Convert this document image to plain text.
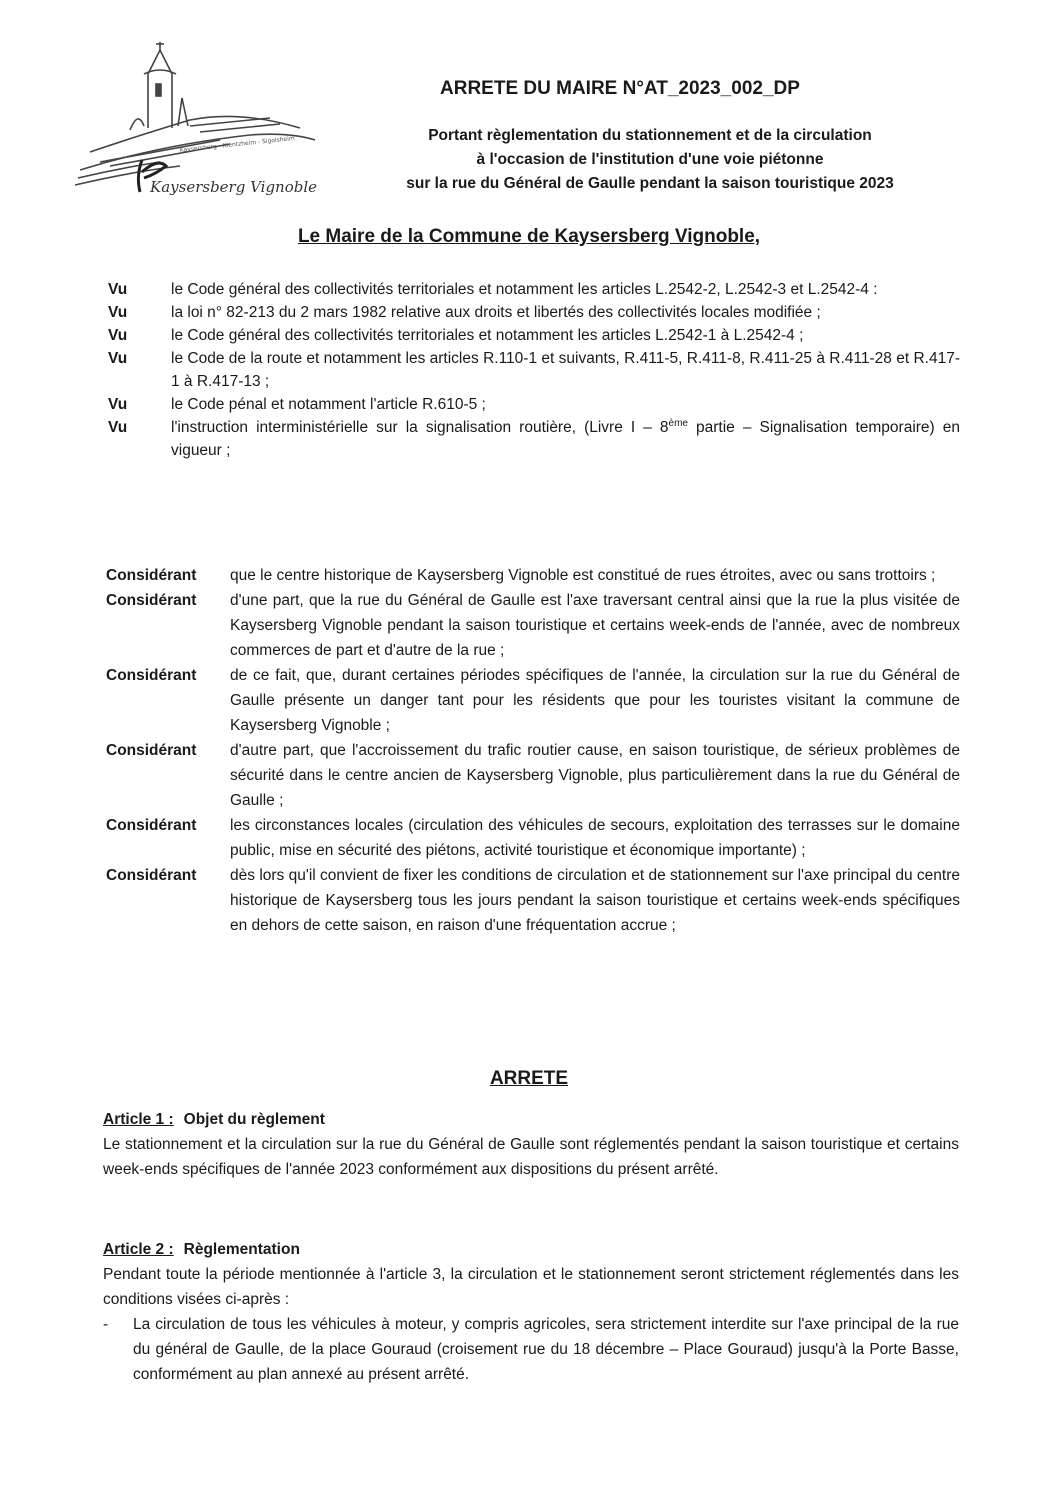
Kaysersberg - Kientzheim - Sigolsheim
Kaysersberg Vignoble
ARRETE DU MAIRE N°AT_2023_002_DP
Portant règlementation du stationnement et de la circulation
à l'occasion de l'institution d'une voie piétonne
sur la rue du Général de Gaulle pendant la saison touristique 2023
Le Maire de la Commune de Kaysersberg Vignoble,
Vu	le Code général des collectivités territoriales et notamment les articles L.2542-2, L.2542-3 et L.2542-4 :
Vu	la loi n° 82-213 du 2 mars 1982 relative aux droits et libertés des collectivités locales modifiée ;
Vu	le Code général des collectivités territoriales et notamment les articles L.2542-1 à L.2542-4 ;
Vu	le Code de la route et notamment les articles R.110-1 et suivants, R.411-5, R.411-8, R.411-25 à R.411-28 et R.417-1 à R.417-13 ;
Vu	le Code pénal et notamment l'article R.610-5 ;
Vu	l'instruction interministérielle sur la signalisation routière, (Livre I – 8ème partie – Signalisation temporaire) en vigueur ;
Considérant	que le centre historique de Kaysersberg Vignoble est constitué de rues étroites, avec ou sans trottoirs ;
Considérant	d'une part, que la rue du Général de Gaulle est l'axe traversant central ainsi que la rue la plus visitée de Kaysersberg Vignoble pendant la saison touristique et certains week-ends de l'année, avec de nombreux commerces de part et d'autre de la rue ;
Considérant	de ce fait, que, durant certaines périodes spécifiques de l'année, la circulation sur la rue du Général de Gaulle présente un danger tant pour les résidents que pour les touristes visitant la commune de Kaysersberg Vignoble ;
Considérant	d'autre part, que l'accroissement du trafic routier cause, en saison touristique, de sérieux problèmes de sécurité dans le centre ancien de Kaysersberg Vignoble, plus particulièrement dans la rue du Général de Gaulle ;
Considérant	les circonstances locales (circulation des véhicules de secours, exploitation des terrasses sur le domaine public, mise en sécurité des piétons, activité touristique et économique importante) ;
Considérant	dès lors qu'il convient de fixer les conditions de circulation et de stationnement sur l'axe principal du centre historique de Kaysersberg tous les jours pendant la saison touristique et certains week-ends spécifiques en dehors de cette saison, en raison d'une fréquentation accrue ;
ARRETE
Article 1 : Objet du règlement
Le stationnement et la circulation sur la rue du Général de Gaulle sont réglementés pendant la saison touristique et certains week-ends spécifiques de l'année 2023 conformément aux dispositions du présent arrêté.
Article 2 : Règlementation
Pendant toute la période mentionnée à l'article 3, la circulation et le stationnement seront strictement réglementés dans les conditions visées ci-après :
-	La circulation de tous les véhicules à moteur, y compris agricoles, sera strictement interdite sur l'axe principal de la rue du général de Gaulle, de la place Gouraud (croisement rue du 18 décembre – Place Gouraud) jusqu'à la Porte Basse, conformément au plan annexé au présent arrêté.
